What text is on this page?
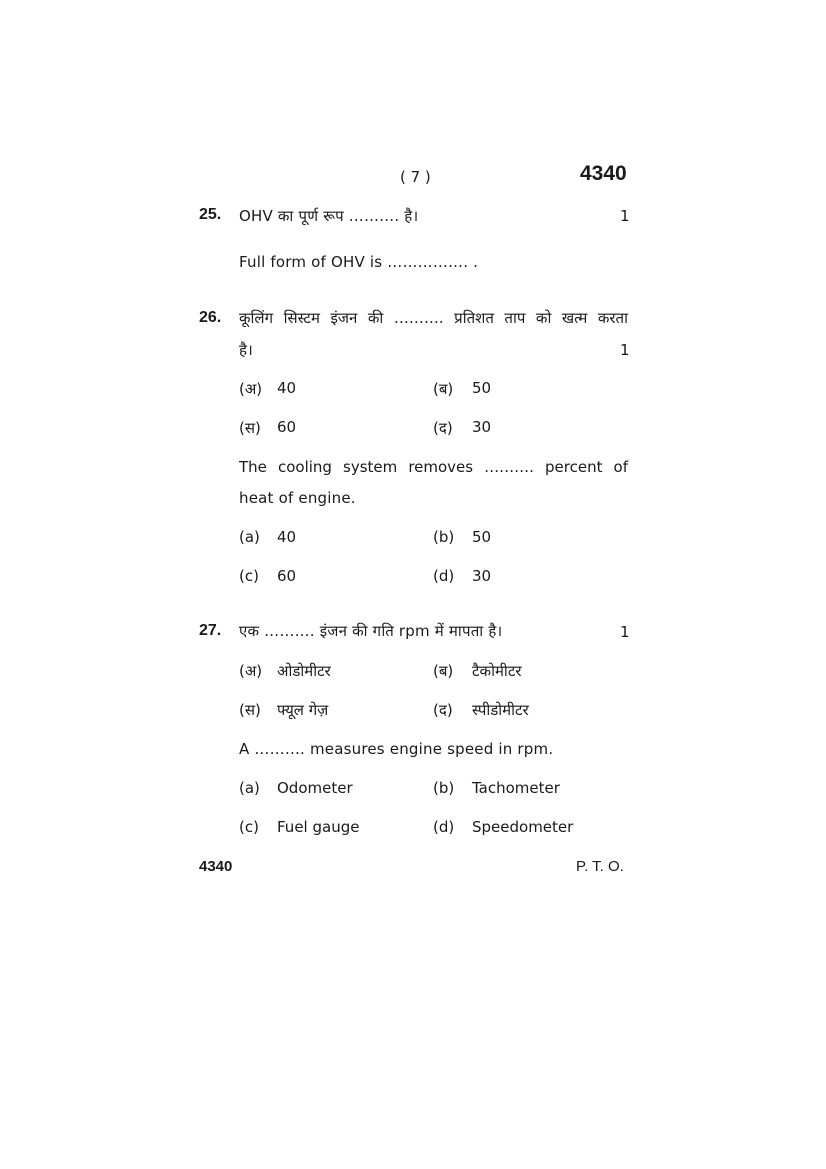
( 7 )	4340
25. OHV का पूर्ण रूप ………. है।	1
Full form of OHV is ……………. .
26. कूलिंग सिस्टम इंजन की ………. प्रतिशत ताप को खत्म करता
है।	1
(अ) 40	(ब) 50
(स) 60	(द) 30
The cooling system removes ………. percent of
heat of engine.
(a) 40	(b) 50
(c) 60	(d) 30
27. एक ………. इंजन की गति rpm में मापता है।	1
(अ) ओडोमीटर	(ब) टैकोमीटर
(स) फ्यूल गेज़	(द) स्पीडोमीटर
A ………. measures engine speed in rpm.
(a) Odometer	(b) Tachometer
(c) Fuel gauge	(d) Speedometer
4340	P. T. O.
